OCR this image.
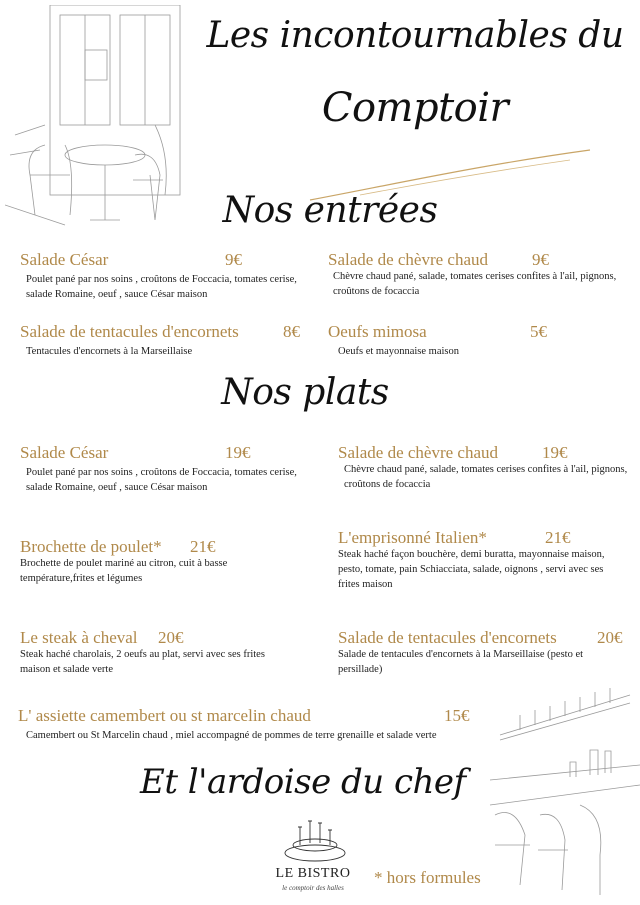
Les incontournables du
Comptoir
Nos entrées
Salade César	9€
Poulet pané par nos soins , croûtons de Foccacia, tomates cerise, salade Romaine, oeuf , sauce César maison
Salade de chèvre chaud	9€
Chèvre chaud pané, salade, tomates cerises confites à l'ail, pignons, croûtons de focaccia
Salade de tentacules d'encornets	8€
Tentacules d'encornets à la Marseillaise
Oeufs mimosa	5€
Oeufs et mayonnaise maison
Nos plats
Salade César	19€
Poulet pané par nos soins , croûtons de Foccacia, tomates cerise, salade Romaine, oeuf , sauce César maison
Salade de chèvre chaud	19€
Chèvre chaud pané, salade, tomates cerises confites à l'ail, pignons, croûtons de focaccia
Brochette de poulet* 21€
Brochette de poulet mariné au citron, cuit à basse température,frites et légumes
L'emprisonné Italien*	21€
Steak haché façon bouchère, demi buratta, mayonnaise maison, pesto, tomate, pain Schiacciata, salade, oignons , servi avec ses frites maison
Le steak à cheval 20€
Steak haché charolais, 2 oeufs au plat, servi avec ses frites maison et salade verte
Salade de tentacules d'encornets 20€
Salade de tentacules d'encornets à la Marseillaise (pesto et persillade)
L' assiette camembert ou st marcelin chaud	15€
Camembert ou St Marcelin chaud , miel accompagné de pommes de terre grenaille et salade verte
Et l'ardoise du chef
LE BISTRO
le comptoir des halles
* hors formules
